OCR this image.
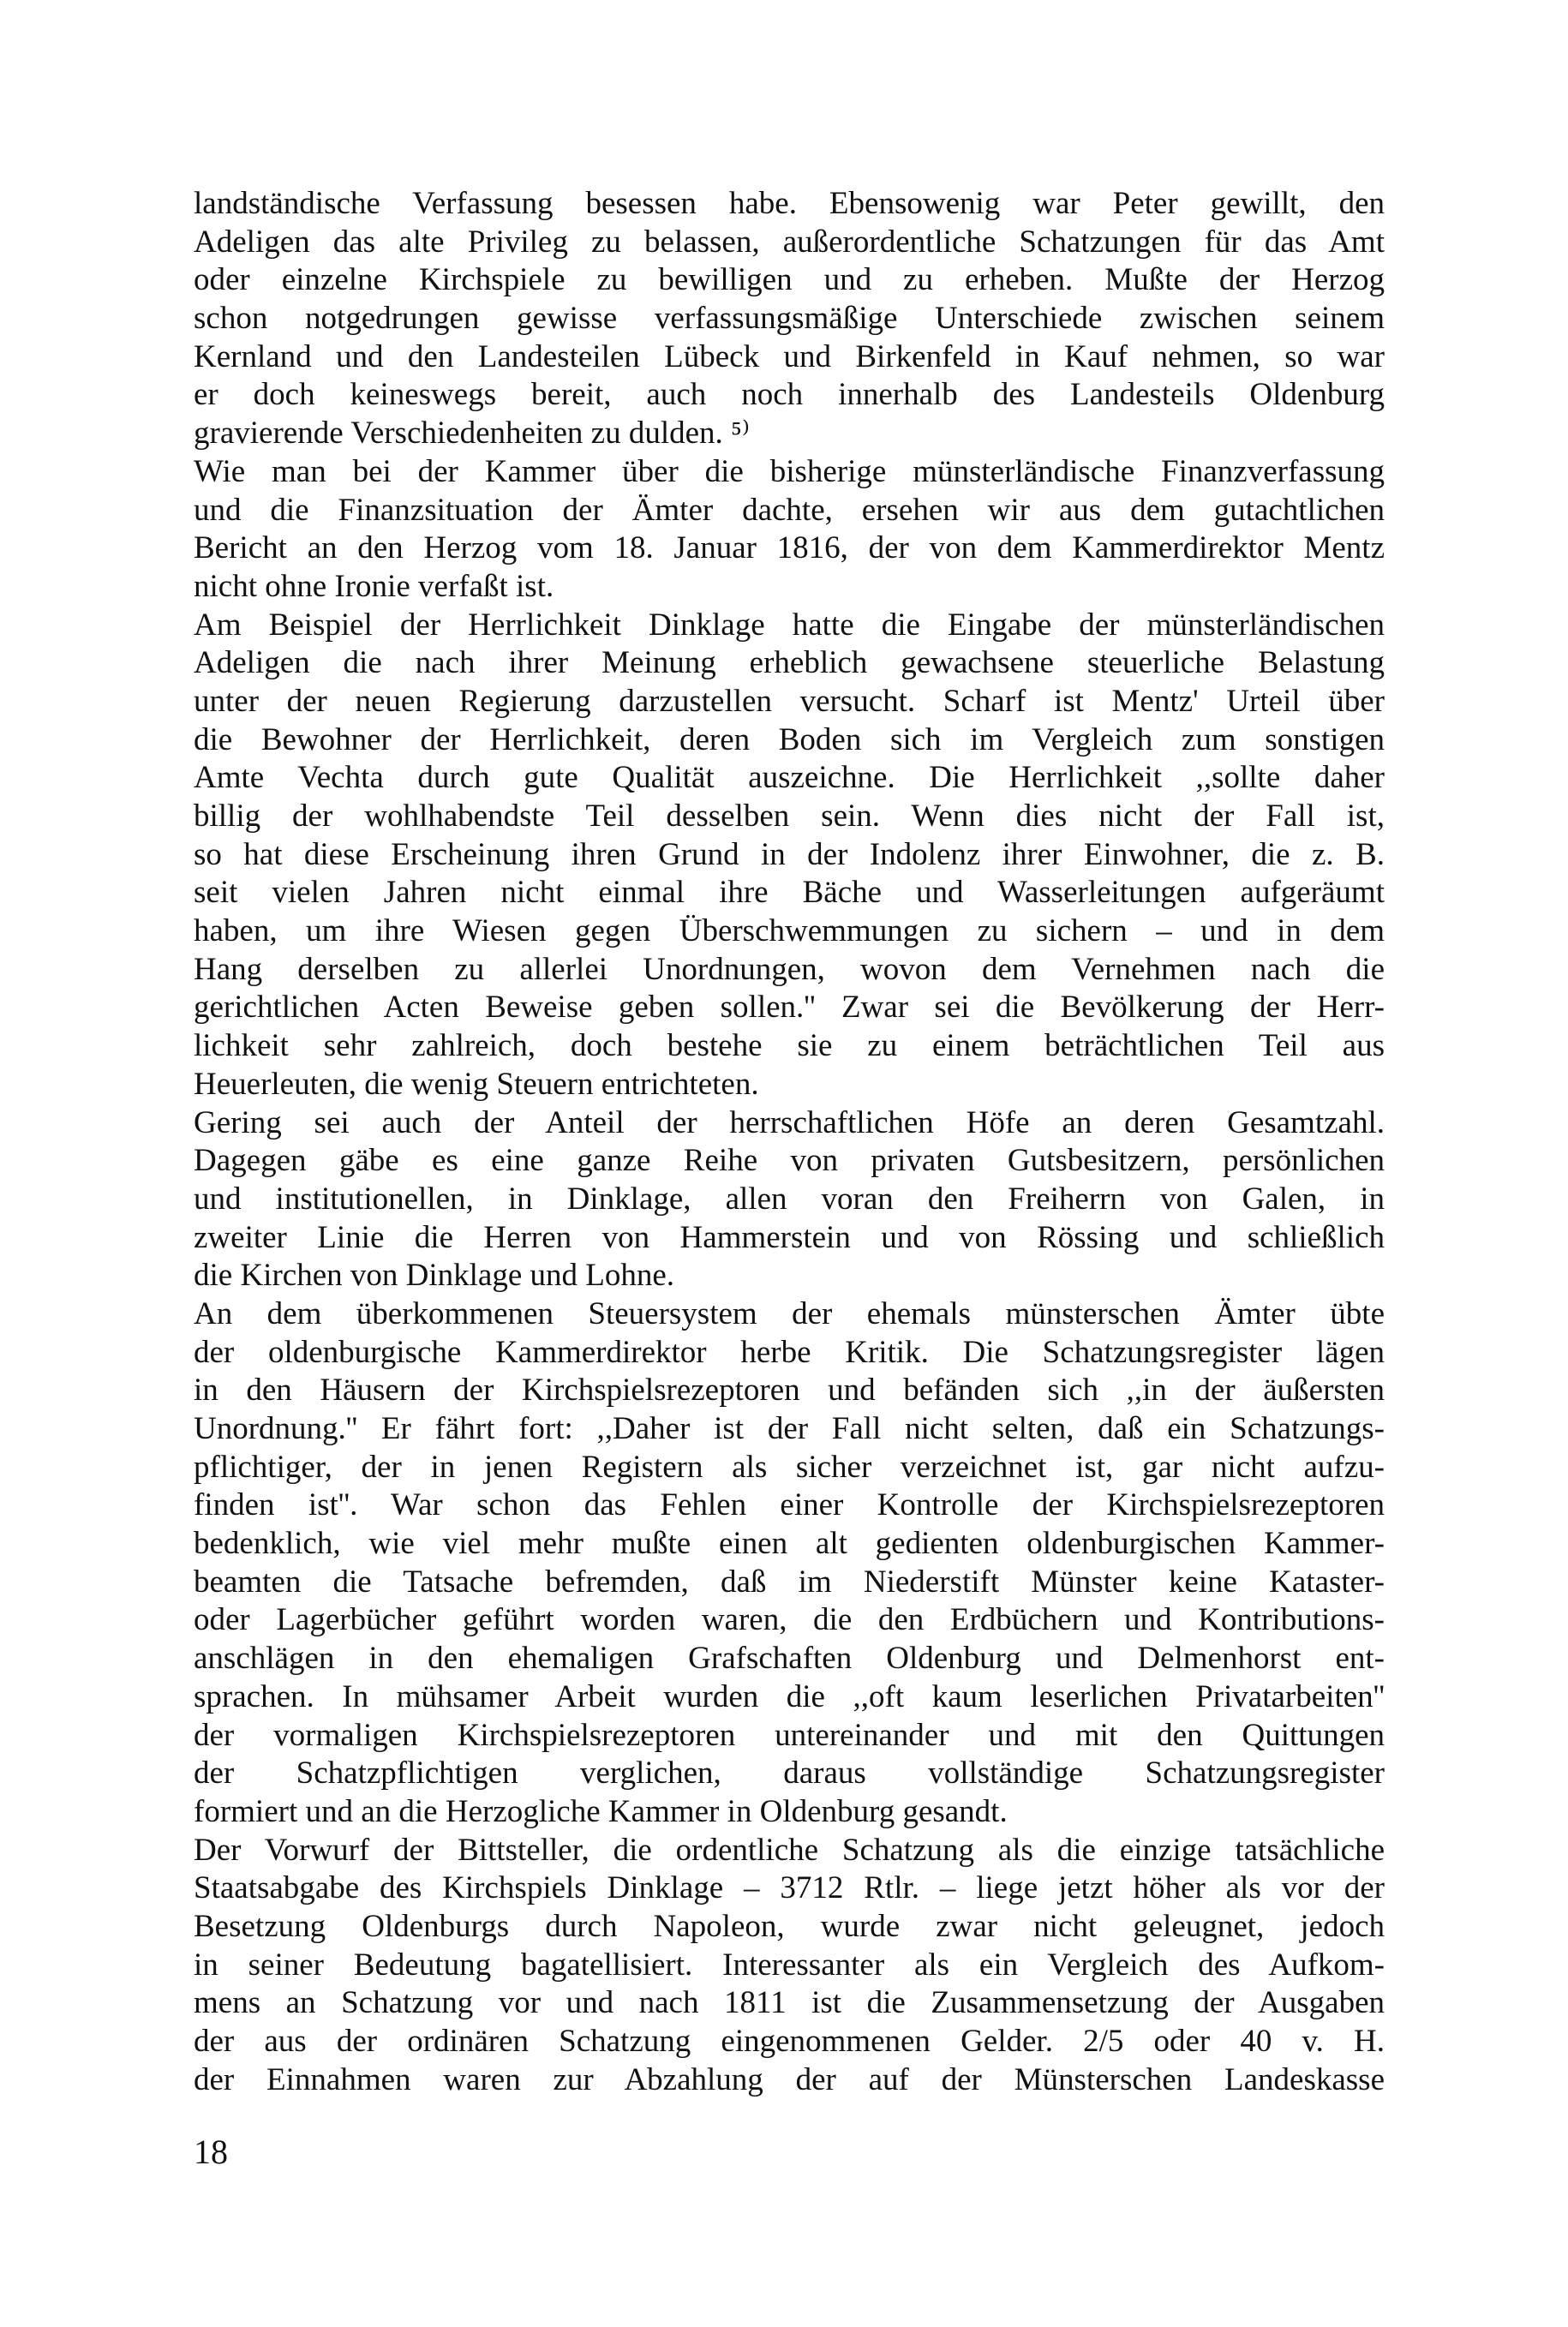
landständische Verfassung besessen habe. Ebensowenig war Peter gewillt, den
Adeligen das alte Privileg zu belassen, außerordentliche Schatzungen für das Amt
oder einzelne Kirchspiele zu bewilligen und zu erheben. Mußte der Herzog
schon notgedrungen gewisse verfassungsmäßige Unterschiede zwischen seinem
Kernland und den Landesteilen Lübeck und Birkenfeld in Kauf nehmen, so war
er doch keineswegs bereit, auch noch innerhalb des Landesteils Oldenburg
gravierende Verschiedenheiten zu dulden. ⁵⁾
Wie man bei der Kammer über die bisherige münsterländische Finanzverfassung
und die Finanzsituation der Ämter dachte, ersehen wir aus dem gutachtlichen
Bericht an den Herzog vom 18. Januar 1816, der von dem Kammerdirektor Mentz
nicht ohne Ironie verfaßt ist.
Am Beispiel der Herrlichkeit Dinklage hatte die Eingabe der münsterländischen
Adeligen die nach ihrer Meinung erheblich gewachsene steuerliche Belastung
unter der neuen Regierung darzustellen versucht. Scharf ist Mentz' Urteil über
die Bewohner der Herrlichkeit, deren Boden sich im Vergleich zum sonstigen
Amte Vechta durch gute Qualität auszeichne. Die Herrlichkeit ,,sollte daher
billig der wohlhabendste Teil desselben sein. Wenn dies nicht der Fall ist,
so hat diese Erscheinung ihren Grund in der Indolenz ihrer Einwohner, die z. B.
seit vielen Jahren nicht einmal ihre Bäche und Wasserleitungen aufgeräumt
haben, um ihre Wiesen gegen Überschwemmungen zu sichern – und in dem
Hang derselben zu allerlei Unordnungen, wovon dem Vernehmen nach die
gerichtlichen Acten Beweise geben sollen.'' Zwar sei die Bevölkerung der Herr-
lichkeit sehr zahlreich, doch bestehe sie zu einem beträchtlichen Teil aus
Heuerleuten, die wenig Steuern entrichteten.
Gering sei auch der Anteil der herrschaftlichen Höfe an deren Gesamtzahl.
Dagegen gäbe es eine ganze Reihe von privaten Gutsbesitzern, persönlichen
und institutionellen, in Dinklage, allen voran den Freiherrn von Galen, in
zweiter Linie die Herren von Hammerstein und von Rössing und schließlich
die Kirchen von Dinklage und Lohne.
An dem überkommenen Steuersystem der ehemals münsterschen Ämter übte
der oldenburgische Kammerdirektor herbe Kritik. Die Schatzungsregister lägen
in den Häusern der Kirchspielsrezeptoren und befänden sich ,,in der äußersten
Unordnung.'' Er fährt fort: ,,Daher ist der Fall nicht selten, daß ein Schatzungs-
pflichtiger, der in jenen Registern als sicher verzeichnet ist, gar nicht aufzu-
finden ist''. War schon das Fehlen einer Kontrolle der Kirchspielsrezeptoren
bedenklich, wie viel mehr mußte einen alt gedienten oldenburgischen Kammer-
beamten die Tatsache befremden, daß im Niederstift Münster keine Kataster-
oder Lagerbücher geführt worden waren, die den Erdbüchern und Kontributions-
anschlägen in den ehemaligen Grafschaften Oldenburg und Delmenhorst ent-
sprachen. In mühsamer Arbeit wurden die ,,oft kaum leserlichen Privatarbeiten''
der vormaligen Kirchspielsrezeptoren untereinander und mit den Quittungen
der Schatzpflichtigen verglichen, daraus vollständige Schatzungsregister
formiert und an die Herzogliche Kammer in Oldenburg gesandt.
Der Vorwurf der Bittsteller, die ordentliche Schatzung als die einzige tatsächliche
Staatsabgabe des Kirchspiels Dinklage – 3712 Rtlr. – liege jetzt höher als vor der
Besetzung Oldenburgs durch Napoleon, wurde zwar nicht geleugnet, jedoch
in seiner Bedeutung bagatellisiert. Interessanter als ein Vergleich des Aufkom-
mens an Schatzung vor und nach 1811 ist die Zusammensetzung der Ausgaben
der aus der ordinären Schatzung eingenommenen Gelder. 2/5 oder 40 v. H.
der Einnahmen waren zur Abzahlung der auf der Münsterschen Landeskasse

18
